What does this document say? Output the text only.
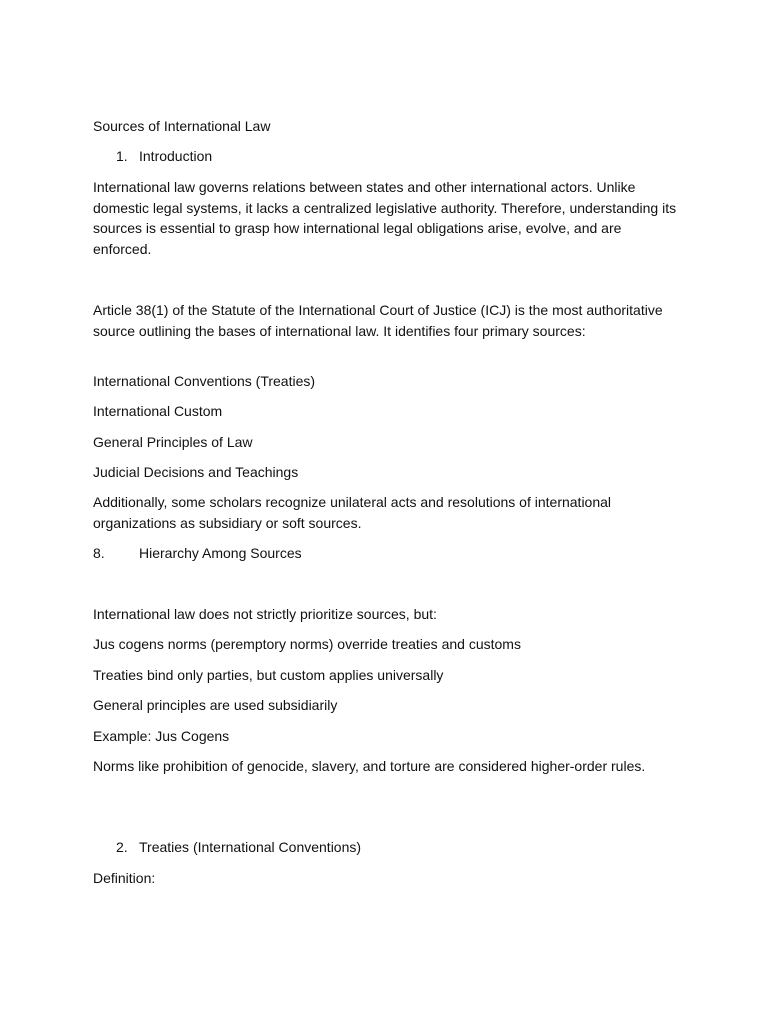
Sources of International Law
1. Introduction
International law governs relations between states and other international actors. Unlike domestic legal systems, it lacks a centralized legislative authority. Therefore, understanding its sources is essential to grasp how international legal obligations arise, evolve, and are enforced.
Article 38(1) of the Statute of the International Court of Justice (ICJ) is the most authoritative source outlining the bases of international law. It identifies four primary sources:
International Conventions (Treaties)
International Custom
General Principles of Law
Judicial Decisions and Teachings
Additionally, some scholars recognize unilateral acts and resolutions of international organizations as subsidiary or soft sources.
8.	Hierarchy Among Sources
International law does not strictly prioritize sources, but:
Jus cogens norms (peremptory norms) override treaties and customs
Treaties bind only parties, but custom applies universally
General principles are used subsidiarily
Example: Jus Cogens
Norms like prohibition of genocide, slavery, and torture are considered higher-order rules.
2. Treaties (International Conventions)
Definition:
